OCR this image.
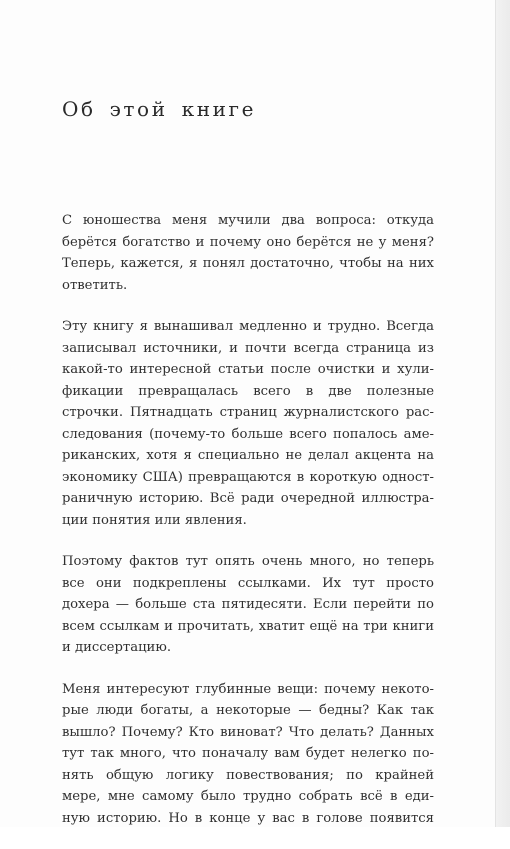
Об этой книге

С юношества меня мучили два вопроса: откуда
берётся богатство и почему оно берётся не у меня?
Теперь, кажется, я понял достаточно, чтобы на них
ответить.

Эту книгу я вынашивал медленно и трудно. Всегда
записывал источники, и почти всегда страница из
какой-то интересной статьи после очистки и хули-
фикации превращалась всего в две полезные
строчки. Пятнадцать страниц журналистского рас-
следования (почему-то больше всего попалось аме-
риканских, хотя я специально не делал акцента на
экономику США) превращаются в короткую одност-
раничную историю. Всё ради очередной иллюстра-
ции понятия или явления.

Поэтому фактов тут опять очень много, но теперь
все они подкреплены ссылками. Их тут просто
дохера — больше ста пятидесяти. Если перейти по
всем ссылкам и прочитать, хватит ещё на три книги
и диссертацию.

Меня интересуют глубинные вещи: почему некото-
рые люди богаты, а некоторые — бедны? Как так
вышло? Почему? Кто виноват? Что делать? Данных
тут так много, что поначалу вам будет нелегко по-
нять общую логику повествования; по крайней
мере, мне самому было трудно собрать всё в еди-
ную историю. Но в конце у вас в голове появится
